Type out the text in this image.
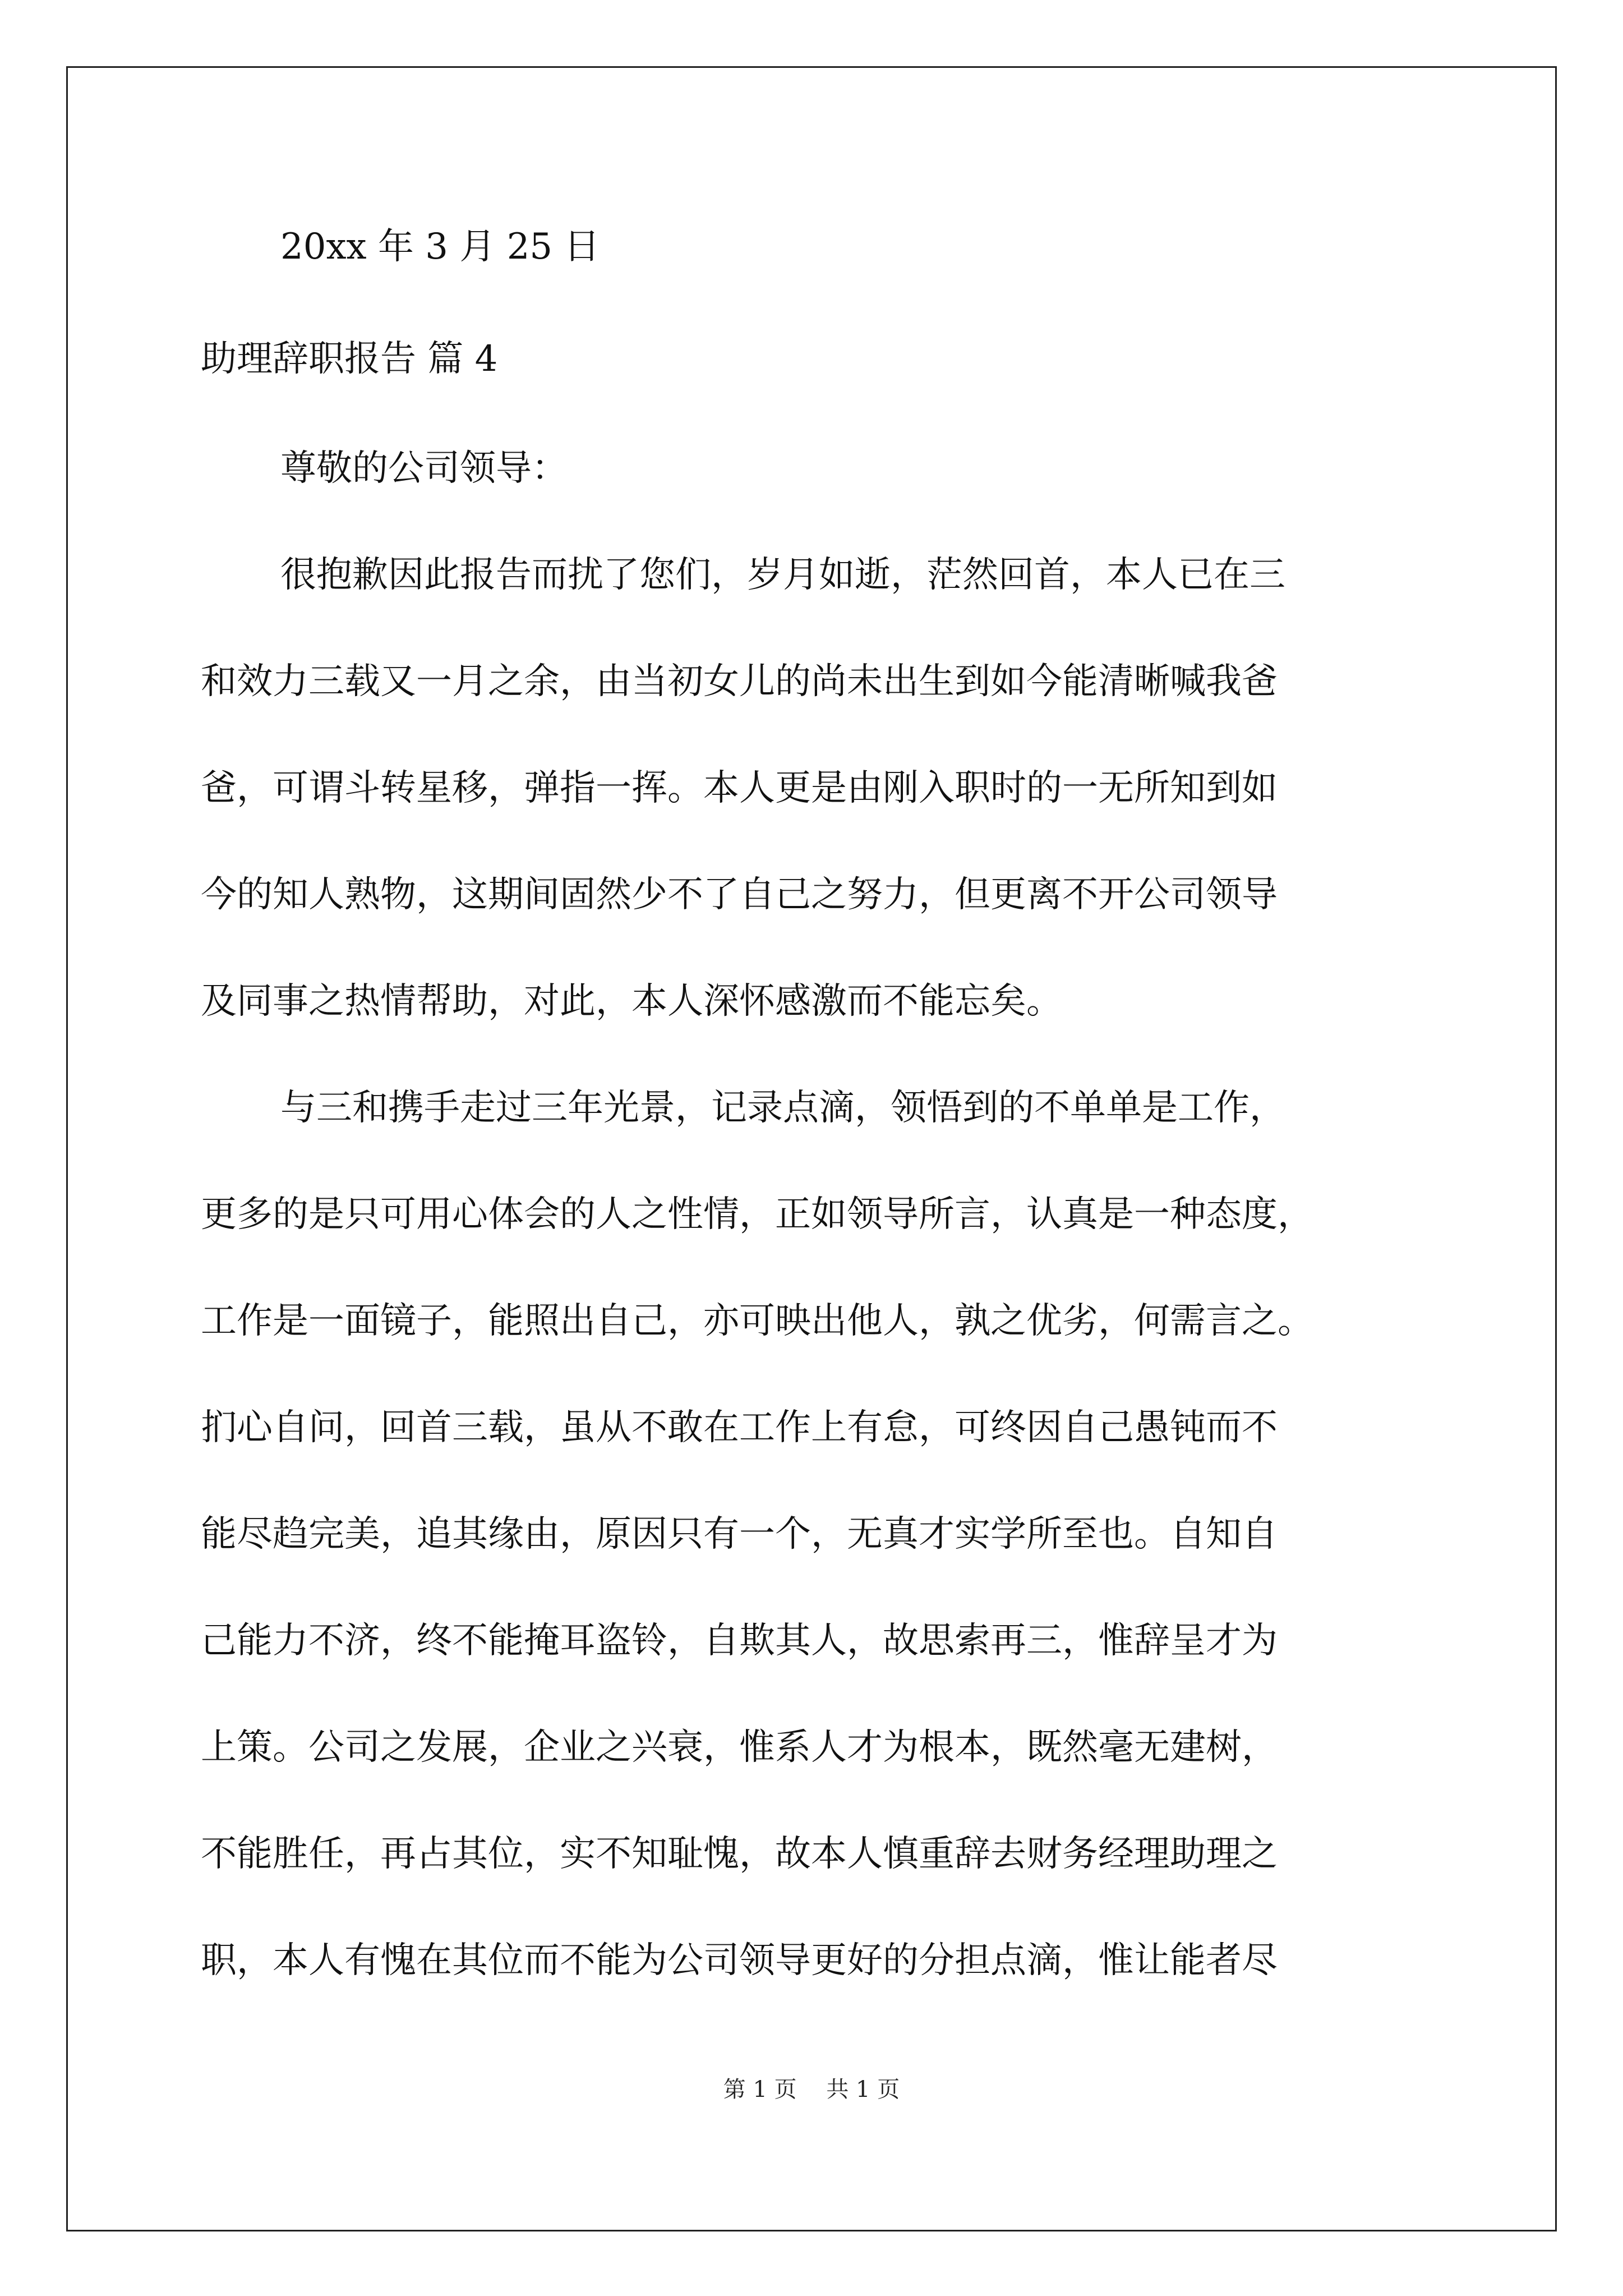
20xx 年 3 月 25 日
助理辞职报告 篇 4
尊敬的公司领导：
很抱歉因此报告而扰了您们，岁月如逝，茫然回首，本人已在三
和效力三载又一月之余，由当初女儿的尚未出生到如今能清晰喊我爸
爸，可谓斗转星移，弹指一挥。本人更是由刚入职时的一无所知到如
今的知人熟物，这期间固然少不了自己之努力，但更离不开公司领导
及同事之热情帮助，对此，本人深怀感激而不能忘矣。
与三和携手走过三年光景，记录点滴，领悟到的不单单是工作，
更多的是只可用心体会的人之性情，正如领导所言，认真是一种态度，
工作是一面镜子，能照出自己，亦可映出他人，孰之优劣，何需言之。
扪心自问，回首三载，虽从不敢在工作上有怠，可终因自己愚钝而不
能尽趋完美，追其缘由，原因只有一个，无真才实学所至也。自知自
己能力不济，终不能掩耳盗铃，自欺其人，故思索再三，惟辞呈才为
上策。公司之发展，企业之兴衰，惟系人才为根本，既然毫无建树，
不能胜任，再占其位，实不知耻愧，故本人慎重辞去财务经理助理之
职，本人有愧在其位而不能为公司领导更好的分担点滴，惟让能者尽
第 1 页　 共 1 页
